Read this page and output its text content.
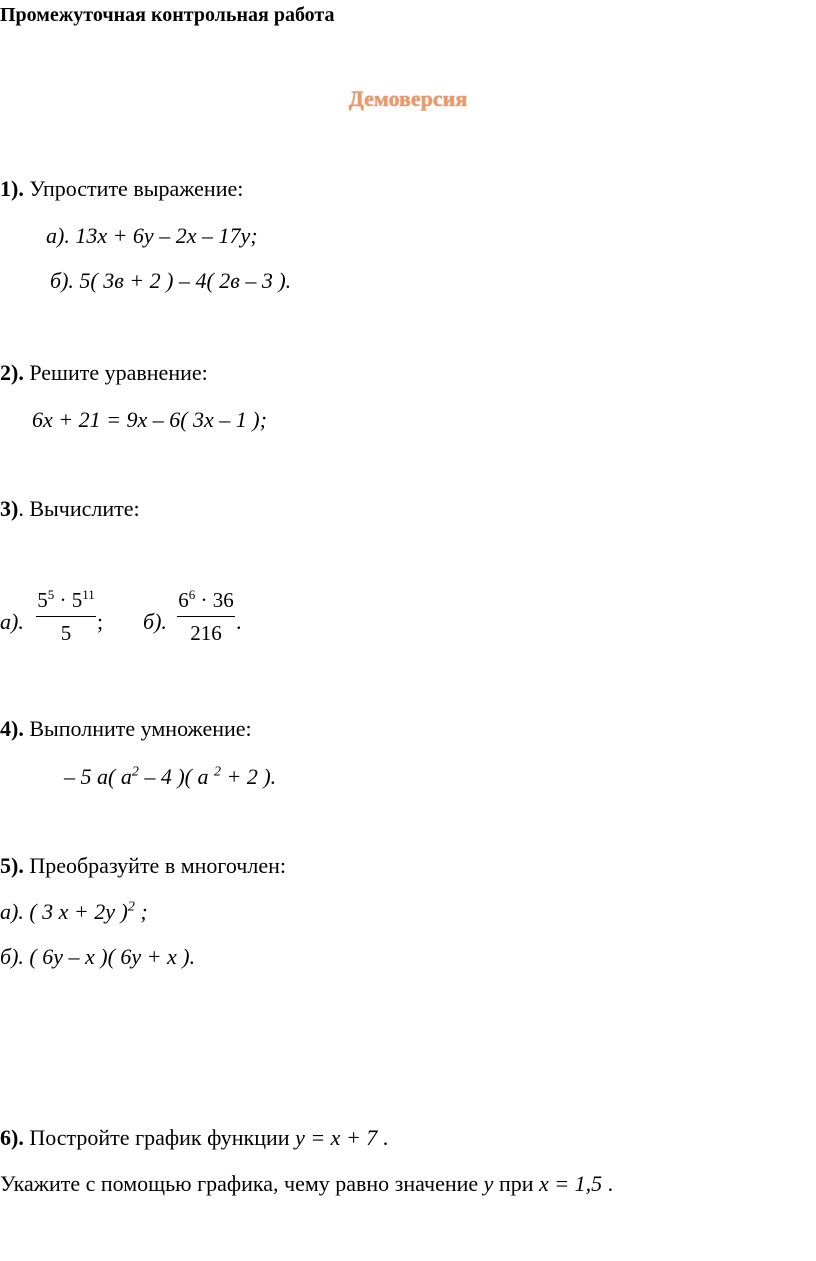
Промежуточная контрольная работа
Демоверсия
1). Упростите выражение:
а). 13x + 6y – 2x – 17y;
б). 5( 3в + 2 ) – 4( 2в – 3 ).
2). Решите уравнение:
6x + 21 = 9x – 6( 3x – 1 );
3). Вычислите:
а).
$5^5 \cdot 5^{11}$
5	; б).
$6^6 \cdot 36$
216 .
4). Выполните умножение:
– 5 a( $a^2 - 4$ )( a $^2$ + 2 ).
5). Преобразуйте в многочлен:
а). ( 3 x + 2y )$^2$ ;
б). ( 6y – x )( 6y + x ).
6). Постройте график функции y = x + 7 .
Укажите с помощью графика, чему равно значение y при x = 1,5 .
